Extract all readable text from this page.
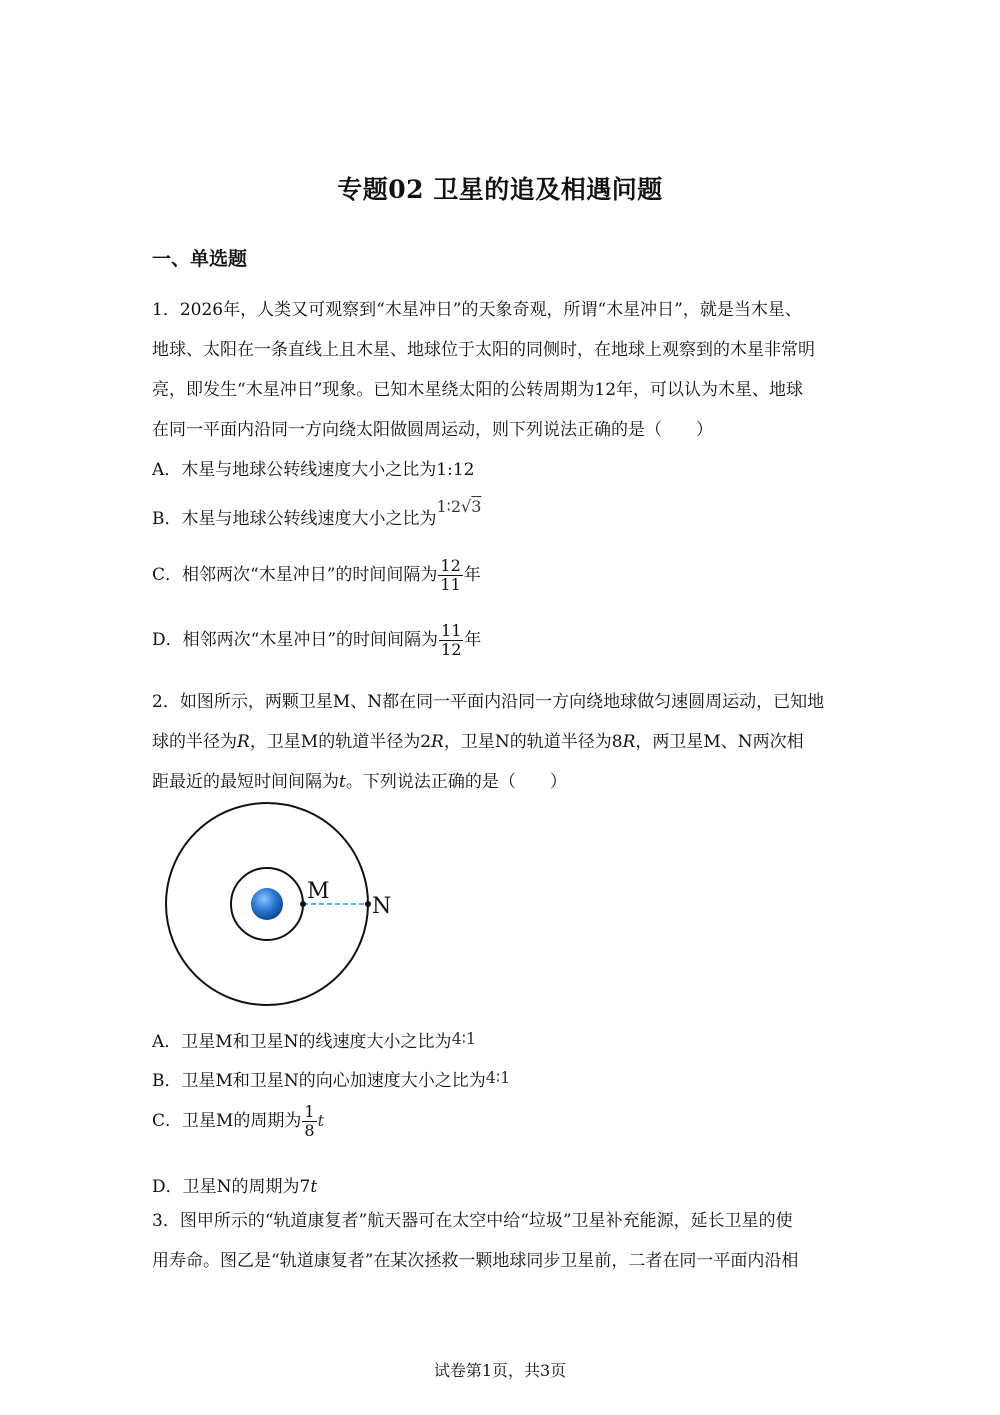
专题02 卫星的追及相遇问题
一、单选题
1．2026年，人类又可观察到“木星冲日”的天象奇观，所谓“木星冲日”，就是当木星、
地球、太阳在一条直线上且木星、地球位于太阳的同侧时，在地球上观察到的木星非常明
亮，即发生“木星冲日”现象。已知木星绕太阳的公转周期为12年，可以认为木星、地球
在同一平面内沿同一方向绕太阳做圆周运动，则下列说法正确的是（　　）
A．木星与地球公转线速度大小之比为1:12
B．木星与地球公转线速度大小之比为1∶2√3
C．相邻两次“木星冲日”的时间间隔为 $\frac{12}{11}$ 年
D．相邻两次“木星冲日”的时间间隔为 $\frac{11}{12}$ 年
2．如图所示，两颗卫星M、N都在同一平面内沿同一方向绕地球做匀速圆周运动，已知地
球的半径为R，卫星M的轨道半径为2R，卫星N的轨道半径为8R，两卫星M、N两次相
距最近的最短时间间隔为t。下列说法正确的是（　　）
M
N
A．卫星M和卫星N的线速度大小之比为4∶1
B．卫星M和卫星N的向心加速度大小之比为4∶1
C．卫星M的周期为 $\frac{1}{8}$ t
D．卫星N的周期为7t
3．图甲所示的“轨道康复者”航天器可在太空中给“垃圾”卫星补充能源，延长卫星的使
用寿命。图乙是“轨道康复者”在某次拯救一颗地球同步卫星前，二者在同一平面内沿相
试卷第1页，共3页
